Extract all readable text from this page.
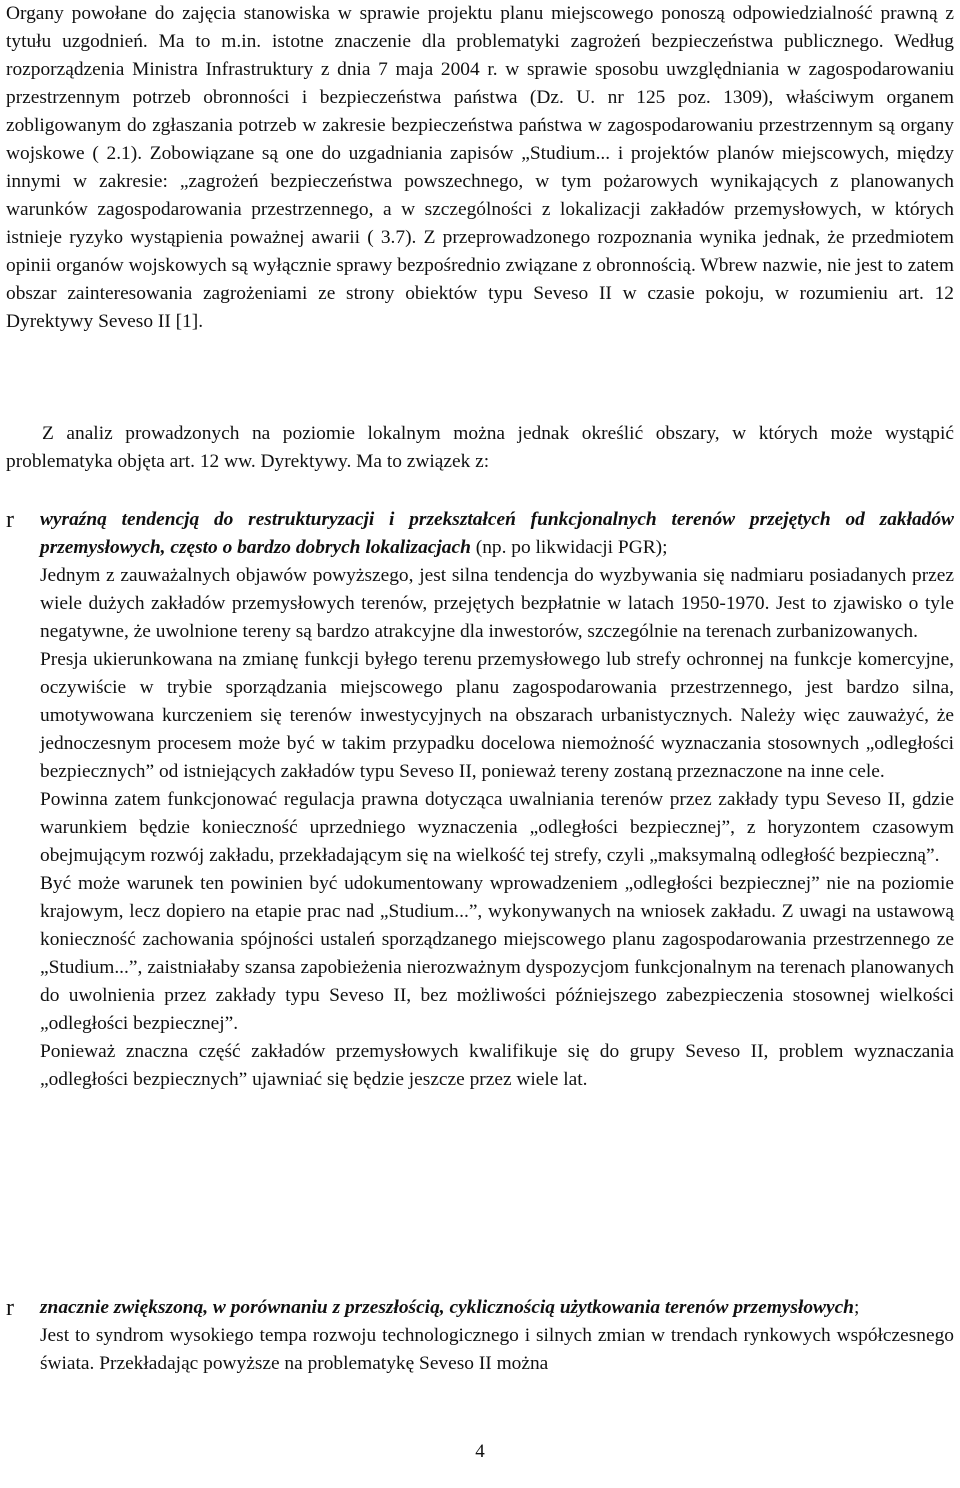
Organy powołane do zajęcia stanowiska w sprawie projektu planu miejscowego ponoszą odpowiedzialność prawną z tytułu uzgodnień. Ma to m.in. istotne znaczenie dla problematyki zagrożeń bezpieczeństwa publicznego. Według rozporządzenia Ministra Infrastruktury z dnia 7 maja 2004 r. w sprawie sposobu uwzględniania w zagospodarowaniu przestrzennym potrzeb obronności i bezpieczeństwa państwa (Dz. U. nr 125 poz. 1309), właściwym organem zobligowanym do zgłaszania potrzeb w zakresie bezpieczeństwa państwa w zagospodarowaniu przestrzennym są organy wojskowe ( 2.1). Zobowiązane są one do uzgadniania zapisów „Studium... i projektów planów miejscowych, między innymi w zakresie: „zagrożeń bezpieczeństwa powszechnego, w tym pożarowych wynikających z planowanych warunków zagospodarowania przestrzennego, a w szczególności z lokalizacji zakładów przemysłowych, w których istnieje ryzyko wystąpienia poważnej awarii ( 3.7). Z przeprowadzonego rozpoznania wynika jednak, że przedmiotem opinii organów wojskowych są wyłącznie sprawy bezpośrednio związane z obronnością. Wbrew nazwie, nie jest to zatem obszar zainteresowania zagrożeniami ze strony obiektów typu Seveso II w czasie pokoju, w rozumieniu art. 12 Dyrektywy Seveso II [1].

Z analiz prowadzonych na poziomie lokalnym można jednak określić obszary, w których może wystąpić problematyka objęta art. 12 ww. Dyrektywy. Ma to związek z:

r wyraźną tendencją do restrukturyzacji i przekształceń funkcjonalnych terenów przejętych od zakładów przemysłowych, często o bardzo dobrych lokalizacjach (np. po likwidacji PGR);

Jednym z zauważalnych objawów powyższego, jest silna tendencja do wyzbywania się nadmiaru posiadanych przez wiele dużych zakładów przemysłowych terenów, przejętych bezpłatnie w latach 1950-1970. Jest to zjawisko o tyle negatywne, że uwolnione tereny są bardzo atrakcyjne dla inwestorów, szczególnie na terenach zurbanizowanych.

Presja ukierunkowana na zmianę funkcji byłego terenu przemysłowego lub strefy ochronnej na funkcje komercyjne, oczywiście w trybie sporządzania miejscowego planu zagospodarowania przestrzennego, jest bardzo silna, umotywowana kurczeniem się terenów inwestycyjnych na obszarach urbanistycznych. Należy więc zauważyć, że jednoczesnym procesem może być w takim przypadku docelowa niemożność wyznaczania stosownych „odległości bezpiecznych” od istniejących zakładów typu Seveso II, ponieważ tereny zostaną przeznaczone na inne cele.

Powinna zatem funkcjonować regulacja prawna dotycząca uwalniania terenów przez zakłady typu Seveso II, gdzie warunkiem będzie konieczność uprzedniego wyznaczenia „odległości bezpiecznej”, z horyzontem czasowym obejmującym rozwój zakładu, przekładającym się na wielkość tej strefy, czyli „maksymalną odległość bezpieczną”.

Być może warunek ten powinien być udokumentowany wprowadzeniem „odległości bezpiecznej” nie na poziomie krajowym, lecz dopiero na etapie prac nad „Studium...”, wykonywanych na wniosek zakładu. Z uwagi na ustawową konieczność zachowania spójności ustaleń sporządzanego miejscowego planu zagospodarowania przestrzennego ze „Studium...”, zaistniałaby szansa zapobieżenia nierozważnym dyspozycjom funkcjonalnym na terenach planowanych do uwolnienia przez zakłady typu Seveso II, bez możliwości późniejszego zabezpieczenia stosownej wielkości „odległości bezpiecznej”.

Ponieważ znaczna część zakładów przemysłowych kwalifikuje się do grupy Seveso II, problem wyznaczania „odległości bezpiecznych” ujawniać się będzie jeszcze przez wiele lat.

r znacznie zwiększoną, w porównaniu z przeszłością, cyklicznością użytkowania terenów przemysłowych;

Jest to syndrom wysokiego tempa rozwoju technologicznego i silnych zmian w trendach rynkowych współczesnego świata. Przekładając powyższe na problematykę Seveso II można

4
